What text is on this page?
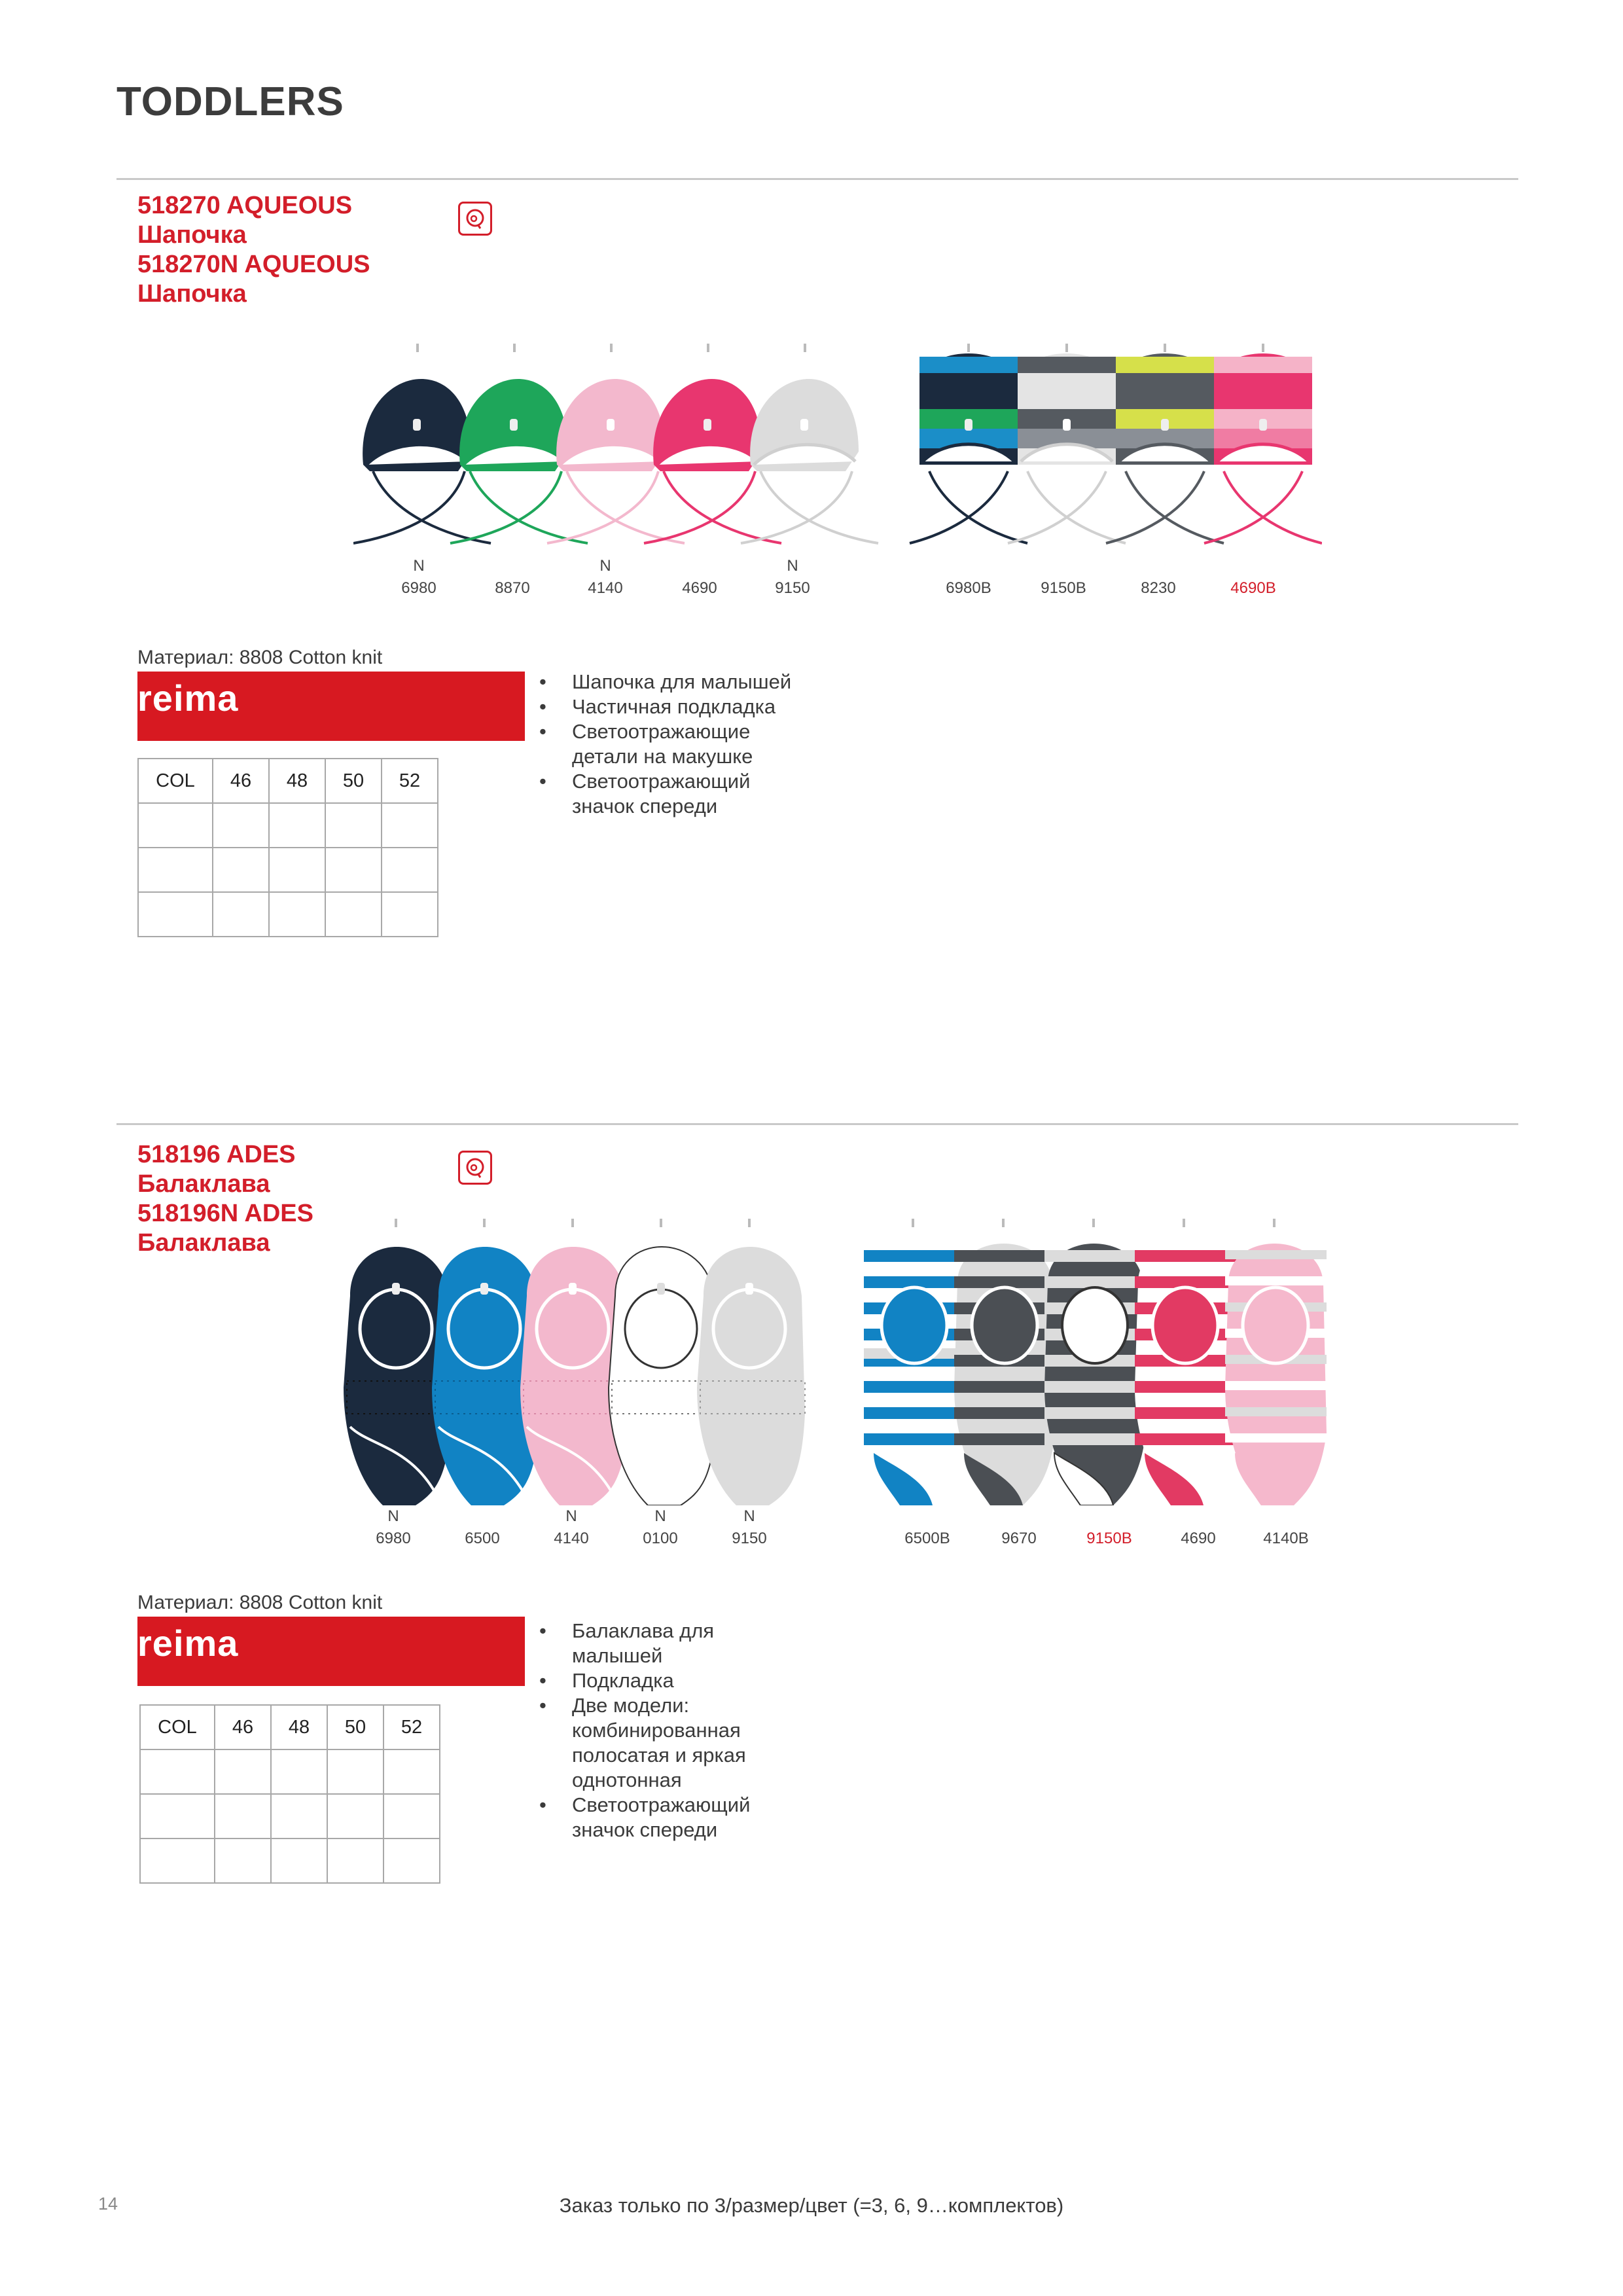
TODDLERS
518270 AQUEOUS
Шапочка
518270N AQUEOUS
Шапочка
N
6980
	8870
N
4140
	4690
N
9150
	6980B
	9150B
	8230
	4690B
Материал: 8808 Cotton knit
reima
COL	46	48	50	52

• Шапочка для малышей
• Частичная подкладка
• Светоотражающие детали на макушке
• Светоотражающий значок спереди
518196 ADES
Балаклава
518196N ADES
Балаклава
N
6980
	6500
N
4140
N
0100
N
9150
	6500B
	9670
	9150B
	4690
	4140B
Материал: 8808 Cotton knit
reima
COL	46	48	50	52

• Балаклава для малышей
• Подкладка
• Две модели: комбинированная полосатая и яркая однотонная
• Светоотражающий значок спереди
Заказ только по 3/размер/цвет (=3, 6, 9…комплектов)
14
